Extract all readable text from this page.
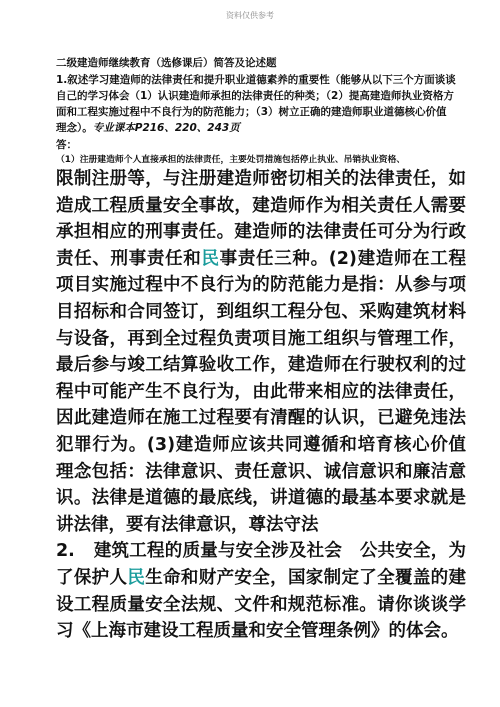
资料仅供参考

二级建造师继续教育（选修课后）简答及论述题

1.叙述学习建造师的法律责任和提升职业道德素养的重要性（能够从以下三个方面谈谈自己的学习体会（1）认识建造师承担的法律责任的种类；（2）提高建造师执业资格方面和工程实施过程中不良行为的防范能力；（3）树立正确的建造师职业道德核心价值理念）。专业课本P216、220、243页

答：

（1）注册建造师个人直接承担的法律责任，主要处罚措施包括停止执业、吊销执业资格、

限制注册等，与注册建造师密切相关的法律责任，如造成工程质量安全事故，建造师作为相关责任人需要承担相应的刑事责任。建造师的法律责任可分为行政责任、刑事责任和民事责任三种。(2)建造师在工程项目实施过程中不良行为的防范能力是指：从参与项目招标和合同签订，到组织工程分包、采购建筑材料与设备，再到全过程负责项目施工组织与管理工作，最后参与竣工结算验收工作，建造师在行驶权利的过程中可能产生不良行为，由此带来相应的法律责任，因此建造师在施工过程要有清醒的认识，已避免违法犯罪行为。(3)建造师应该共同遵循和培育核心价值理念包括：法律意识、责任意识、诚信意识和廉洁意识。法律是道德的最底线，讲道德的最基本要求就是讲法律，要有法律意识，尊法守法

2. 建筑工程的质量与安全涉及社会　公共安全，为了保护人民生命和财产安全，国家制定了全覆盖的建设工程质量安全法规、文件和规范标准。请你谈谈学习《上海市建设工程质量和安全管理条例》的体会。
